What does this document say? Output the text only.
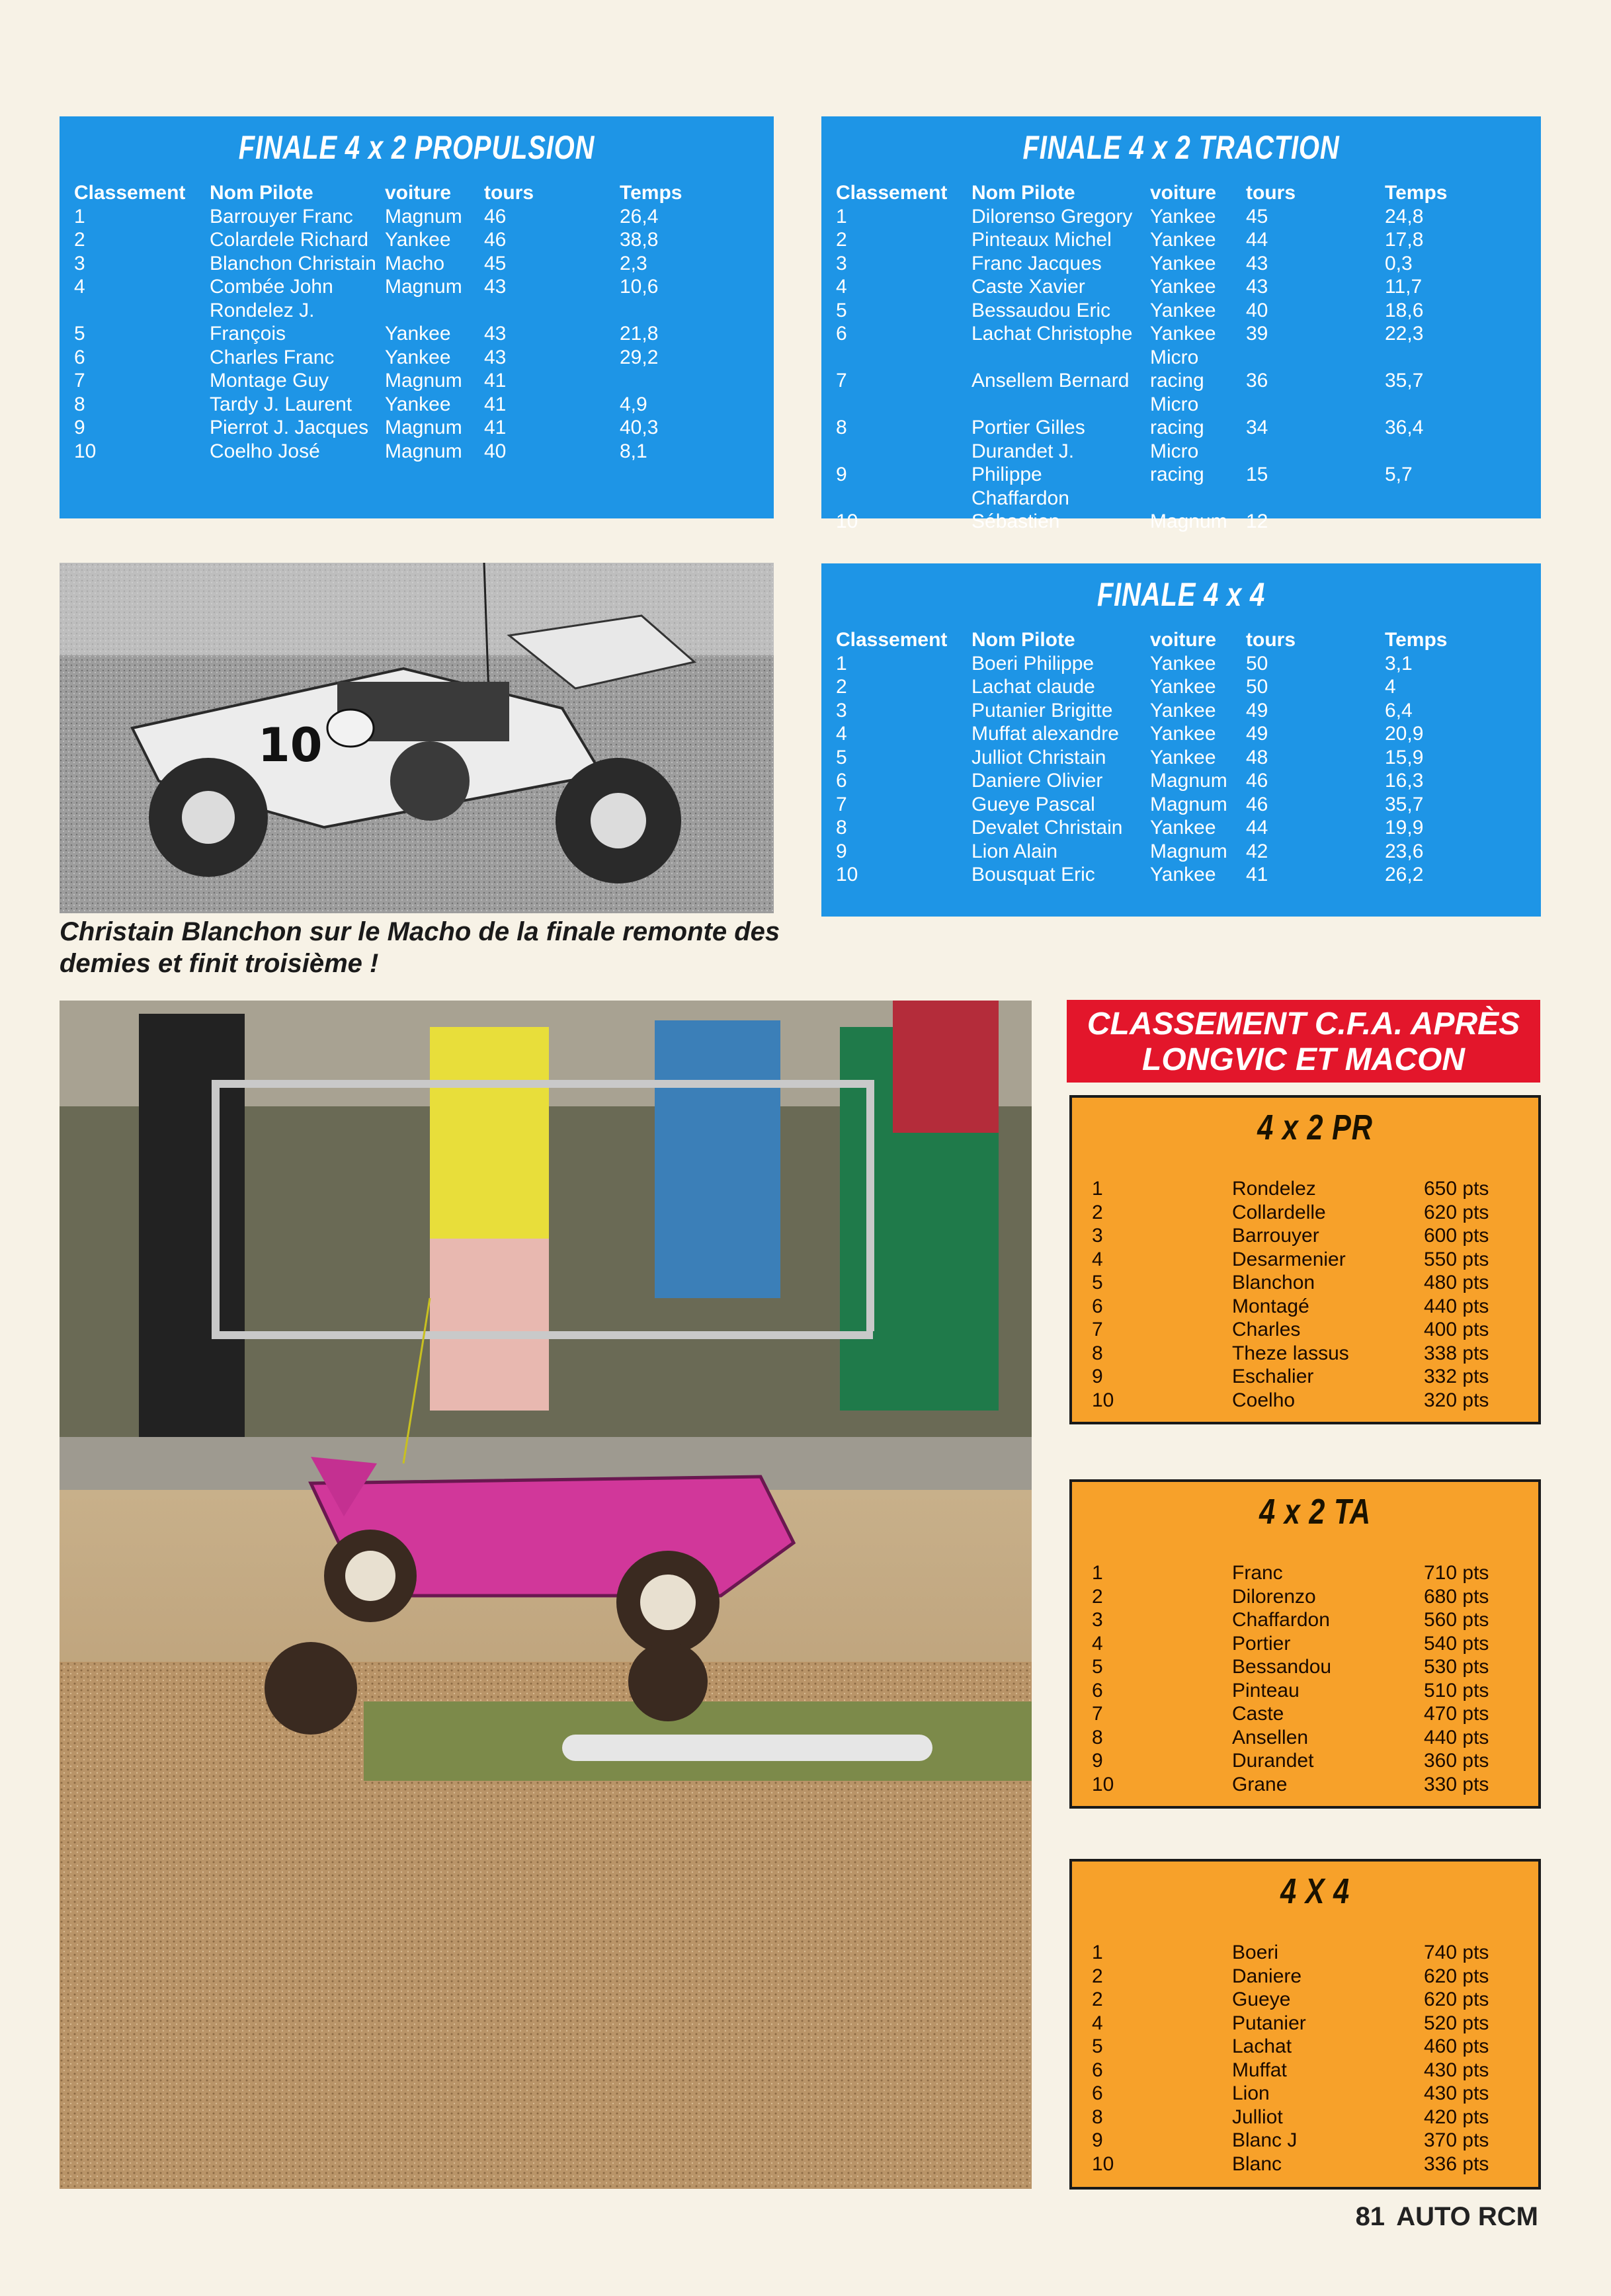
FINALE 4 x 2 PROPULSION
Classement	Nom Pilote	voiture	tours	Temps
1	Barrouyer Franc	Magnum	46	26,4
2	Colardele Richard	Yankee	46	38,8
3	Blanchon Christain	Macho	45	2,3
4	Combée John	Magnum	43	10,6
5	Rondelez J. François	Yankee	43	21,8
6	Charles Franc	Yankee	43	29,2
7	Montage Guy	Magnum	41	
8	Tardy J. Laurent	Yankee	41	4,9
9	Pierrot J. Jacques	Magnum	41	40,3
10	Coelho José	Magnum	40	8,1
FINALE 4 x 2 TRACTION
Classement	Nom Pilote	voiture	tours	Temps
1	Dilorenso Gregory	Yankee	45	24,8
2	Pinteaux Michel	Yankee	44	17,8
3	Franc Jacques	Yankee	43	0,3
4	Caste Xavier	Yankee	43	11,7
5	Bessaudou Eric	Yankee	40	18,6
6	Lachat Christophe	Yankee	39	22,3
7	Ansellem Bernard	Micro racing	36	35,7
8	Portier Gilles	Micro racing	34	36,4
9	Durandet J. Philippe	Micro racing	15	5,7
10	Chaffardon Sébastien	Magnum	12	
10
Christain Blanchon sur le Macho de la finale remonte des demies et finit troisième !
FINALE 4 x 4
Classement	Nom Pilote	voiture	tours	Temps
1	Boeri Philippe	Yankee	50	3,1
2	Lachat claude	Yankee	50	4
3	Putanier Brigitte	Yankee	49	6,4
4	Muffat alexandre	Yankee	49	20,9
5	Julliot Christain	Yankee	48	15,9
6	Daniere Olivier	Magnum	46	16,3
7	Gueye Pascal	Magnum	46	35,7
8	Devalet Christain	Yankee	44	19,9
9	Lion Alain	Magnum	42	23,6
10	Bousquat Eric	Yankee	41	26,2
CLASSEMENT C.F.A. APRÈS
LONGVIC ET MACON
4 x 2 PR
1	Rondelez	650 pts
2	Collardelle	620 pts
3	Barrouyer	600 pts
4	Desarmenier	550 pts
5	Blanchon	480 pts
6	Montagé	440 pts
7	Charles	400 pts
8	Theze lassus	338 pts
9	Eschalier	332 pts
10	Coelho	320 pts
4 x 2 TA
1	Franc	710 pts
2	Dilorenzo	680 pts
3	Chaffardon	560 pts
4	Portier	540 pts
5	Bessandou	530 pts
6	Pinteau	510 pts
7	Caste	470 pts
8	Ansellen	440 pts
9	Durandet	360 pts
10	Grane	330 pts
4 X 4
1	Boeri	740 pts
2	Daniere	620 pts
2	Gueye	620 pts
4	Putanier	520 pts
5	Lachat	460 pts
6	Muffat	430 pts
6	Lion	430 pts
8	Julliot	420 pts
9	Blanc J	370 pts
10	Blanc	336 pts
81 AUTO RCM
